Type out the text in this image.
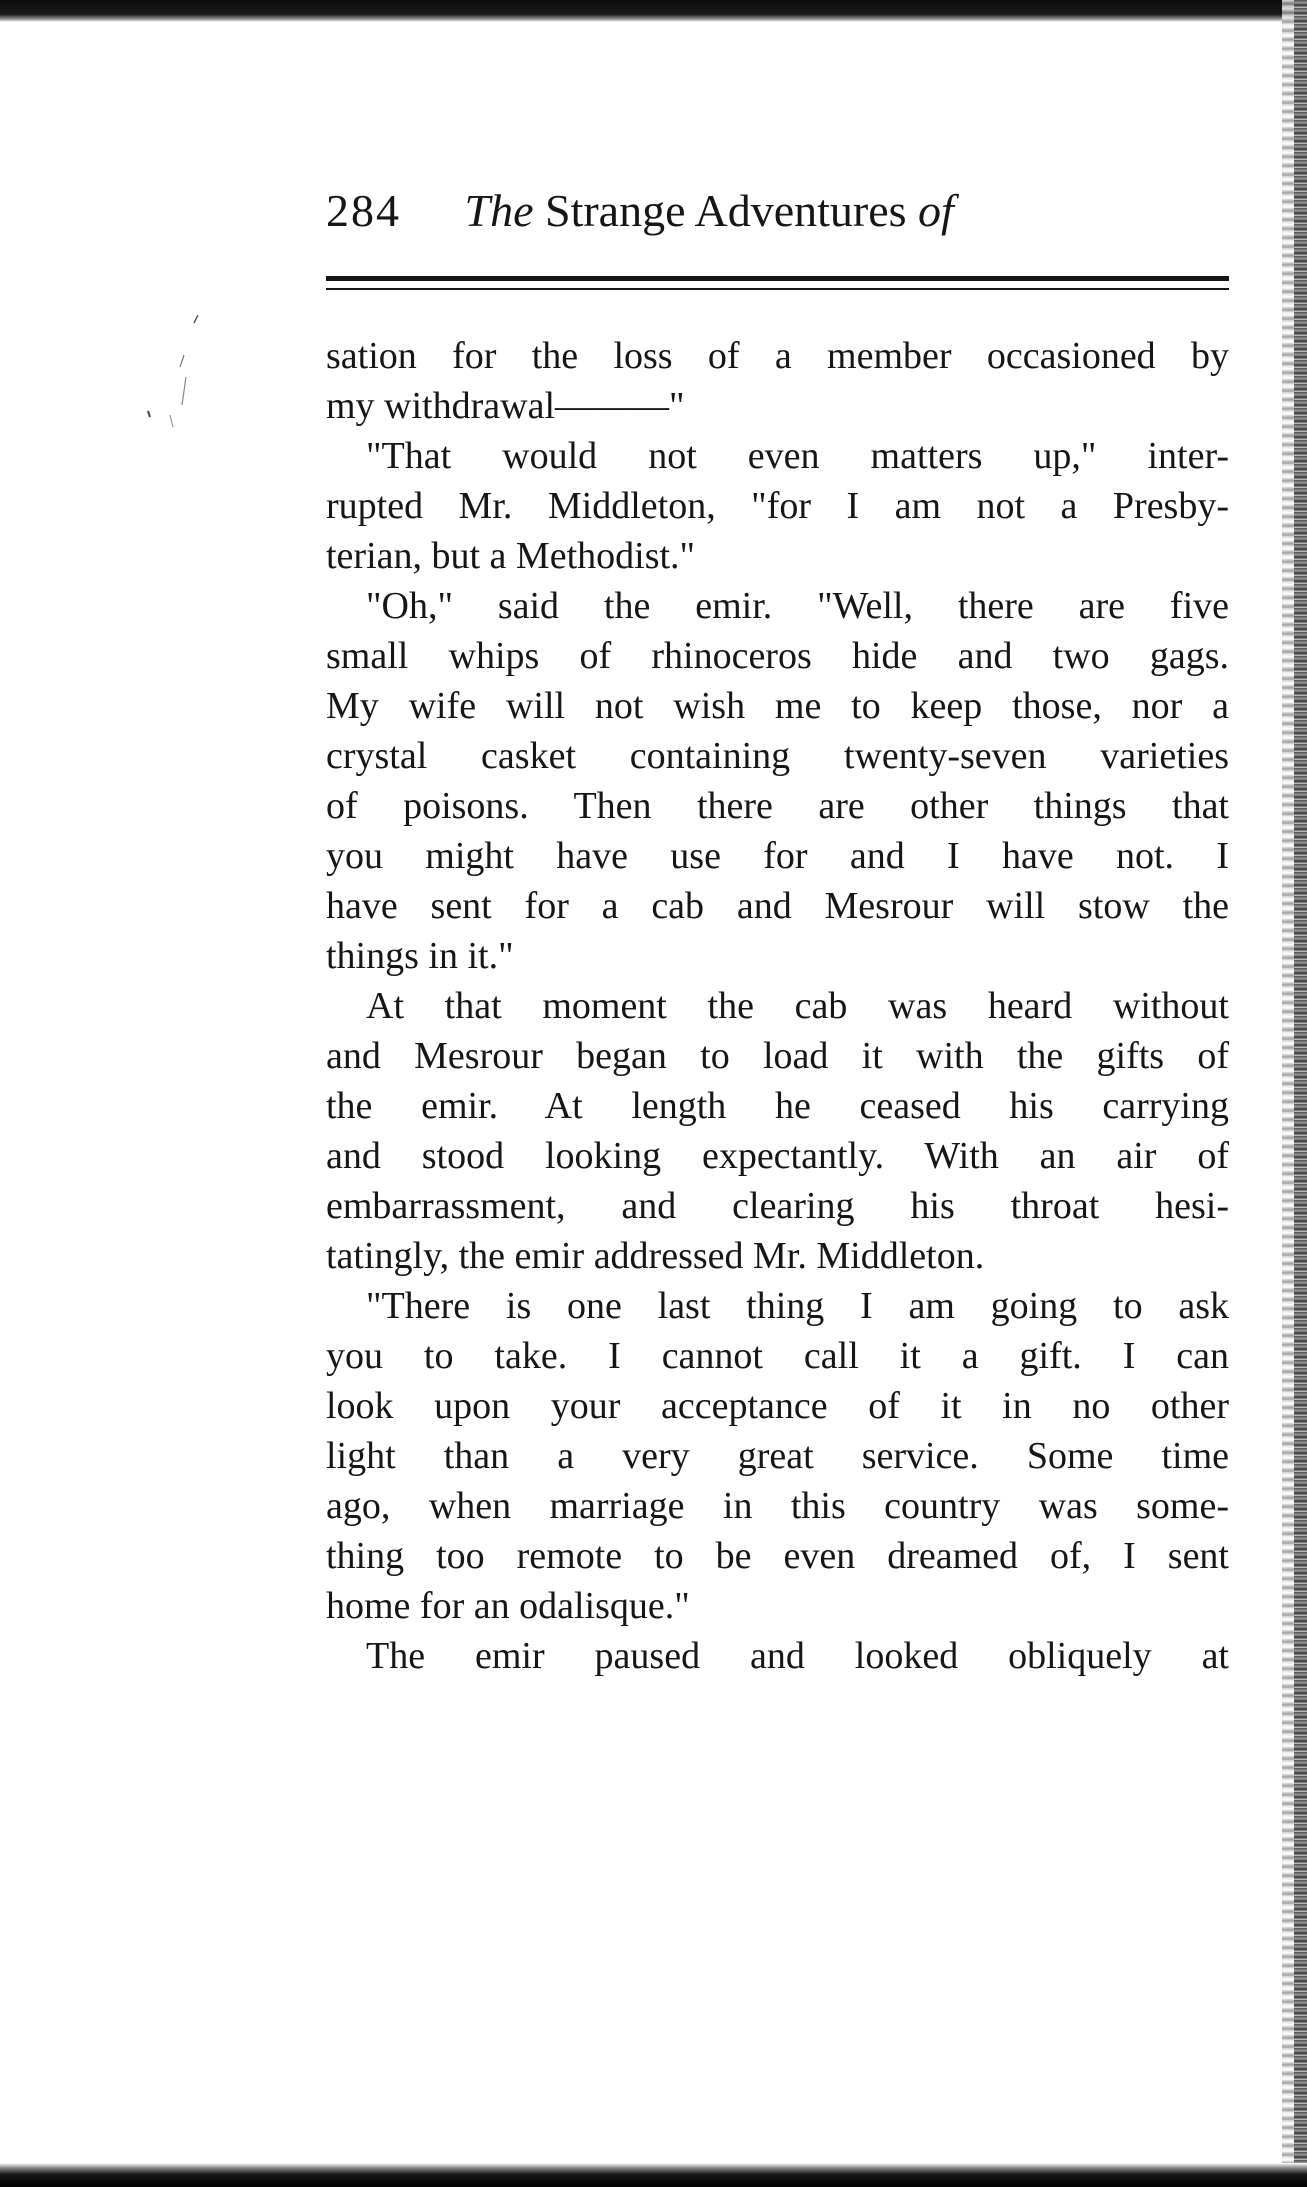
284 The Strange Adventures of
sation for the loss of a member occasioned by
my withdrawal———"
"That would not even matters up," inter-
rupted Mr. Middleton, "for I am not a Presby-
terian, but a Methodist."
"Oh," said the emir. "Well, there are five
small whips of rhinoceros hide and two gags.
My wife will not wish me to keep those, nor a
crystal casket containing twenty-seven varieties
of poisons. Then there are other things that
you might have use for and I have not. I
have sent for a cab and Mesrour will stow the
things in it."
At that moment the cab was heard without
and Mesrour began to load it with the gifts of
the emir. At length he ceased his carrying
and stood looking expectantly. With an air of
embarrassment, and clearing his throat hesi-
tatingly, the emir addressed Mr. Middleton.
"There is one last thing I am going to ask
you to take. I cannot call it a gift. I can
look upon your acceptance of it in no other
light than a very great service. Some time
ago, when marriage in this country was some-
thing too remote to be even dreamed of, I sent
home for an odalisque."
The emir paused and looked obliquely at
